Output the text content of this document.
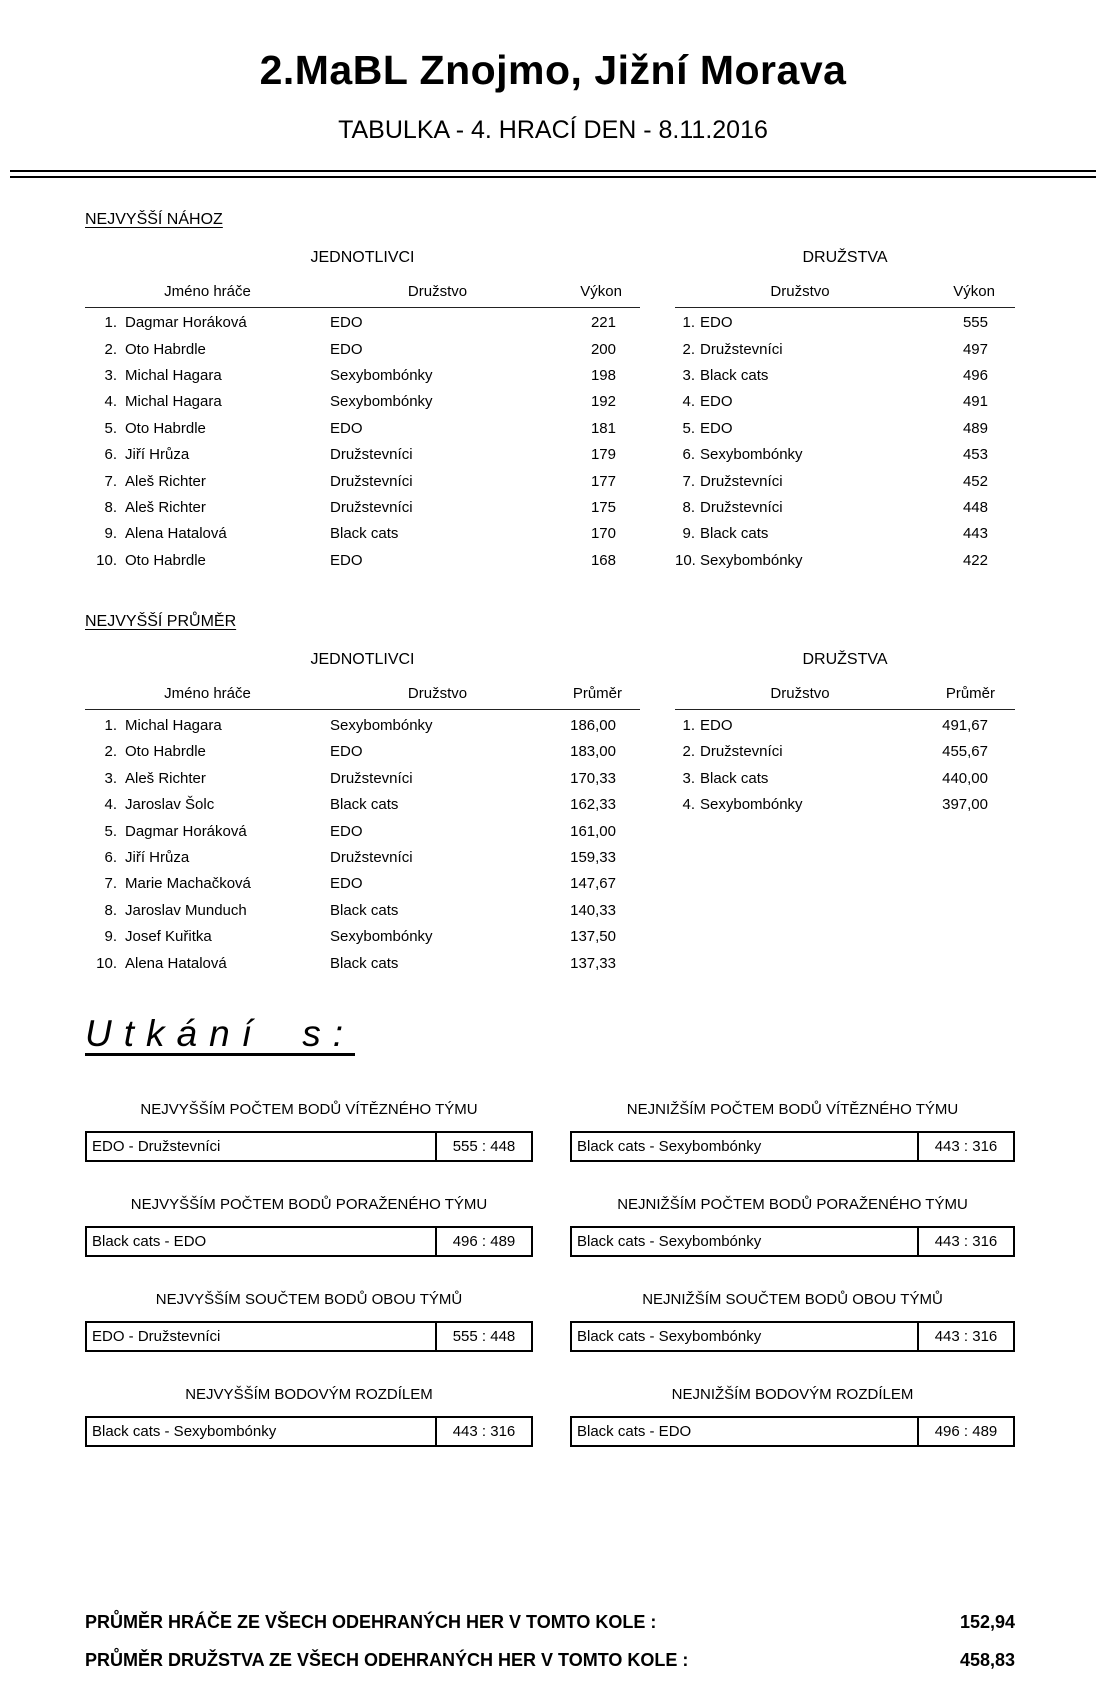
2.MaBL Znojmo, Jižní Morava
TABULKA - 4. HRACÍ DEN - 8.11.2016
NEJVYŠŠÍ NÁHOZ
JEDNOTLIVCI
Jméno hráče	Družstvo	Výkon
1. Dagmar Horáková	EDO	221
2. Oto Habrdle	EDO	200
3. Michal Hagara	Sexybombónky	198
4. Michal Hagara	Sexybombónky	192
5. Oto Habrdle	EDO	181
6. Jiří Hrůza	Družstevníci	179
7. Aleš Richter	Družstevníci	177
8. Aleš Richter	Družstevníci	175
9. Alena Hatalová	Black cats	170
10. Oto Habrdle	EDO	168
DRUŽSTVA
Družstvo	Výkon
1. EDO	555
2. Družstevníci	497
3. Black cats	496
4. EDO	491
5. EDO	489
6. Sexybombónky	453
7. Družstevníci	452
8. Družstevníci	448
9. Black cats	443
10. Sexybombónky	422
NEJVYŠŠÍ PRŮMĚR
JEDNOTLIVCI
Jméno hráče	Družstvo	Průměr
1. Michal Hagara	Sexybombónky	186,00
2. Oto Habrdle	EDO	183,00
3. Aleš Richter	Družstevníci	170,33
4. Jaroslav Šolc	Black cats	162,33
5. Dagmar Horáková	EDO	161,00
6. Jiří Hrůza	Družstevníci	159,33
7. Marie Machačková	EDO	147,67
8. Jaroslav Munduch	Black cats	140,33
9. Josef Kuřitka	Sexybombónky	137,50
10. Alena Hatalová	Black cats	137,33
DRUŽSTVA
Družstvo	Průměr
1. EDO	491,67
2. Družstevníci	455,67
3. Black cats	440,00
4. Sexybombónky	397,00
Utkání s:
NEJVYŠŠÍM POČTEM BODŮ VÍTĚZNÉHO TÝMU
EDO - Družstevníci	555 : 448
NEJNIŽŠÍM POČTEM BODŮ VÍTĚZNÉHO TÝMU
Black cats - Sexybombónky	443 : 316
NEJVYŠŠÍM POČTEM BODŮ PORAŽENÉHO TÝMU
Black cats - EDO	496 : 489
NEJNIŽŠÍM POČTEM BODŮ PORAŽENÉHO TÝMU
Black cats - Sexybombónky	443 : 316
NEJVYŠŠÍM SOUČTEM BODŮ OBOU TÝMŮ
EDO - Družstevníci	555 : 448
NEJNIŽŠÍM SOUČTEM BODŮ OBOU TÝMŮ
Black cats - Sexybombónky	443 : 316
NEJVYŠŠÍM BODOVÝM ROZDÍLEM
Black cats - Sexybombónky	443 : 316
NEJNIŽŠÍM BODOVÝM ROZDÍLEM
Black cats - EDO	496 : 489
PRŮMĚR HRÁČE ZE VŠECH ODEHRANÝCH HER V TOMTO KOLE :	152,94
PRŮMĚR DRUŽSTVA ZE VŠECH ODEHRANÝCH HER V TOMTO KOLE :	458,83
